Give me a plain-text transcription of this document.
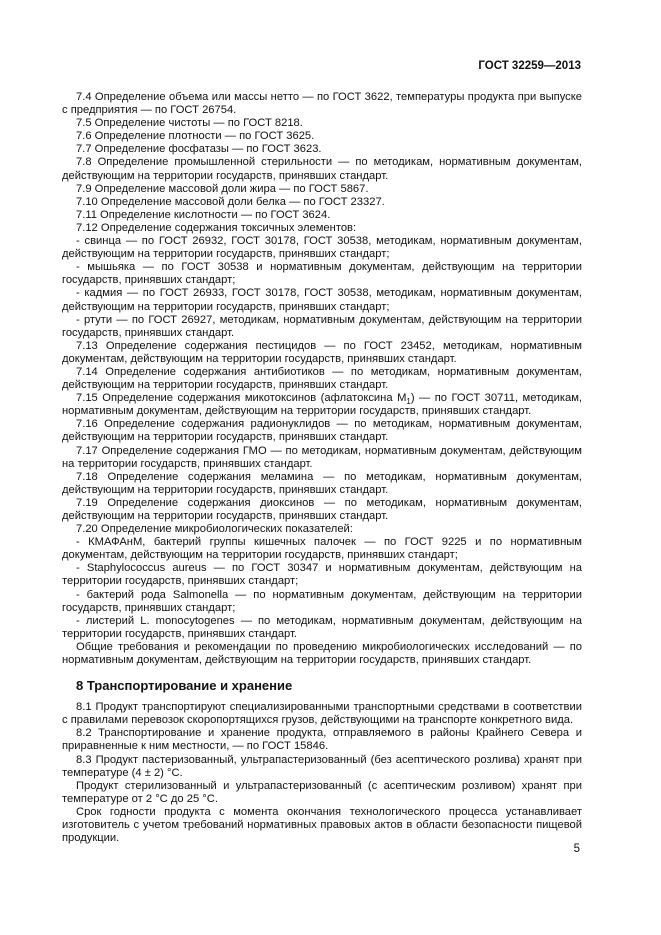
ГОСТ 32259—2013

7.4 Определение объема или массы нетто — по ГОСТ 3622, температуры продукта при выпуске с предприятия — по ГОСТ 26754.

7.5 Определение чистоты — по ГОСТ 8218.

7.6 Определение плотности — по ГОСТ 3625.

7.7 Определение фосфатазы — по ГОСТ 3623.

7.8 Определение промышленной стерильности — по методикам, нормативным документам, действующим на территории государств, принявших стандарт.

7.9 Определение массовой доли жира — по ГОСТ 5867.

7.10 Определение массовой доли белка — по ГОСТ 23327.

7.11 Определение кислотности — по ГОСТ 3624.

7.12 Определение содержания токсичных элементов:

- свинца — по ГОСТ 26932, ГОСТ 30178, ГОСТ 30538, методикам, нормативным документам, действующим на территории государств, принявших стандарт;

- мышьяка — по ГОСТ 30538 и нормативным документам, действующим на территории государств, принявших стандарт;

- кадмия — по ГОСТ 26933, ГОСТ 30178, ГОСТ 30538, методикам, нормативным документам, действующим на территории государств, принявших стандарт;

- ртути — по ГОСТ 26927, методикам, нормативным документам, действующим на территории государств, принявших стандарт.

7.13 Определение содержания пестицидов — по ГОСТ 23452, методикам, нормативным документам, действующим на территории государств, принявших стандарт.

7.14 Определение содержания антибиотиков — по методикам, нормативным документам, действующим на территории государств, принявших стандарт.

7.15 Определение содержания микотоксинов (афлатоксина $М_1$) — по ГОСТ 30711, методикам, нормативным документам, действующим на территории государств, принявших стандарт.

7.16 Определение содержания радионуклидов — по методикам, нормативным документам, действующим на территории государств, принявших стандарт.

7.17 Определение содержания ГМО — по методикам, нормативным документам, действующим на территории государств, принявших стандарт.

7.18 Определение содержания меламина — по методикам, нормативным документам, действующим на территории государств, принявших стандарт.

7.19 Определение содержания диоксинов — по методикам, нормативным документам, действующим на территории государств, принявших стандарт.

7.20 Определение микробиологических показателей:

- КМАФАнМ, бактерий группы кишечных палочек — по ГОСТ 9225 и по нормативным документам, действующим на территории государств, принявших стандарт;

- Staphylococcus aureus — по ГОСТ 30347 и нормативным документам, действующим на территории государств, принявших стандарт;

- бактерий рода Salmonella — по нормативным документам, действующим на территории государств, принявших стандарт;

- листерий L. monocytogenes — по методикам, нормативным документам, действующим на территории государств, принявших стандарт.

Общие требования и рекомендации по проведению микробиологических исследований — по нормативным документам, действующим на территории государств, принявших стандарт.

8 Транспортирование и хранение

8.1 Продукт транспортируют специализированными транспортными средствами в соответствии с правилами перевозок скоропортящихся грузов, действующими на транспорте конкретного вида.

8.2 Транспортирование и хранение продукта, отправляемого в районы Крайнего Севера и приравненные к ним местности, — по ГОСТ 15846.

8.3 Продукт пастеризованный, ультрапастеризованный (без асептического розлива) хранят при температуре (4 ± 2) °С.

Продукт стерилизованный и ультрапастеризованный (с асептическим розливом) хранят при температуре от 2 °С до 25 °С.

Срок годности продукта с момента окончания технологического процесса устанавливает изготовитель с учетом требований нормативных правовых актов в области безопасности пищевой продукции.

5
